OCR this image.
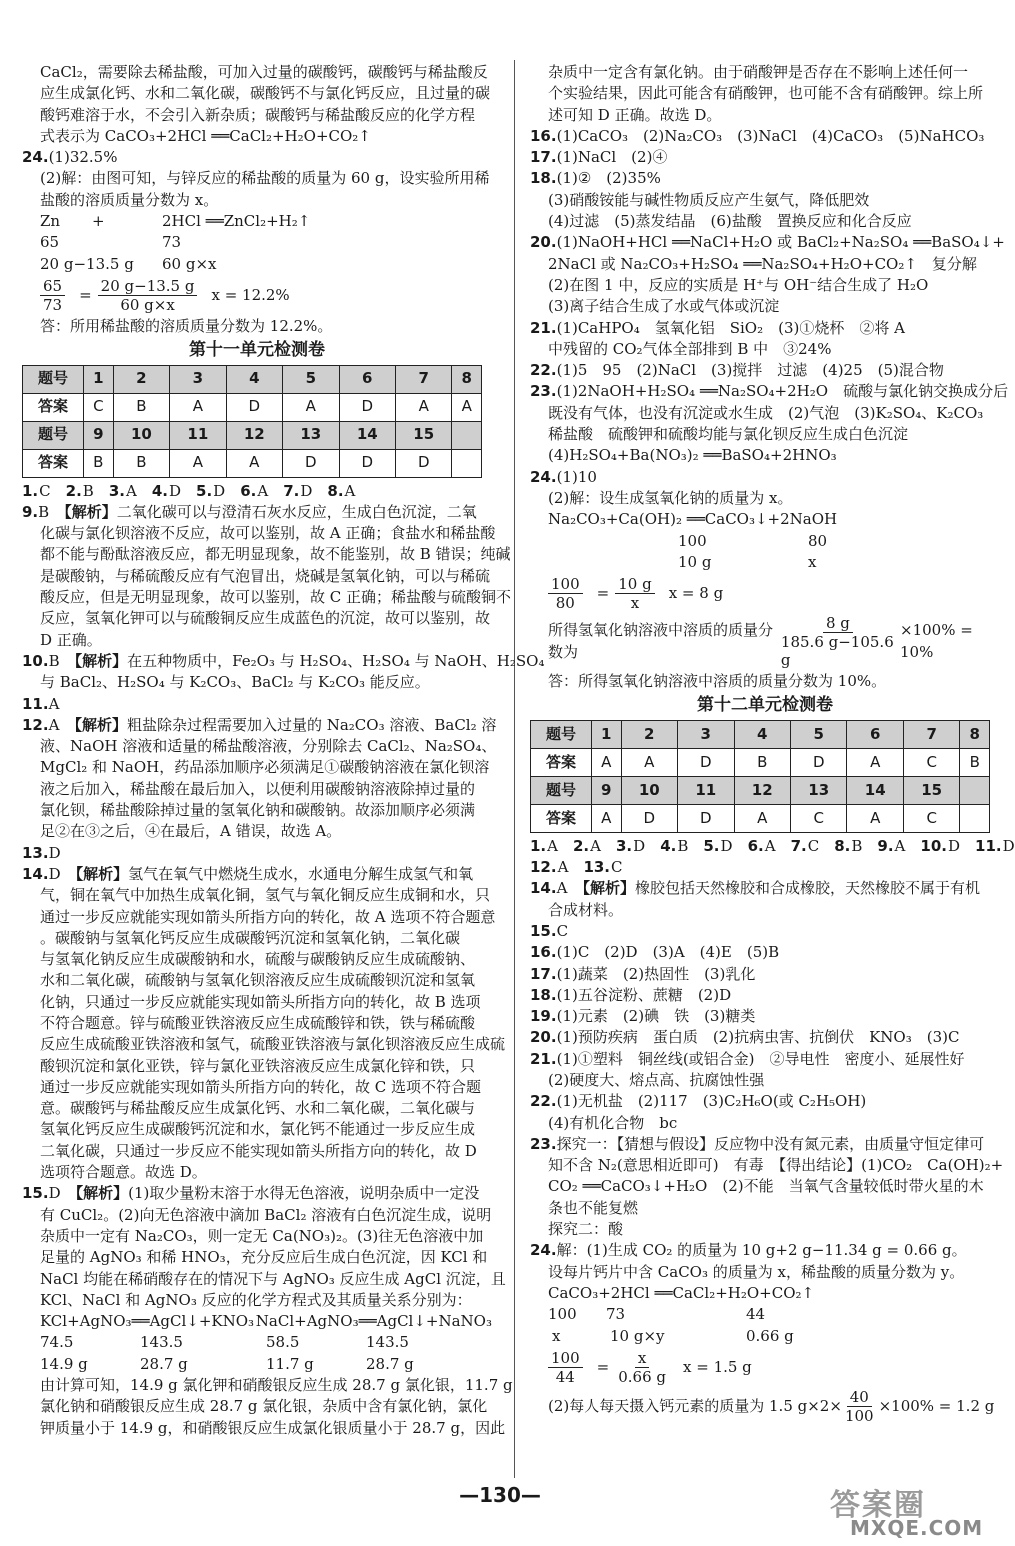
CaCl₂，需要除去稀盐酸，可加入过量的碳酸钙，碳酸钙与稀盐酸反

应生成氯化钙、水和二氧化碳，碳酸钙不与氯化钙反应，且过量的碳

酸钙难溶于水，不会引入新杂质；碳酸钙与稀盐酸反应的化学方程

式表示为 CaCO₃+2HCl ══CaCl₂+H₂O+CO₂↑

24.(1)32.5%

(2)解：由图可知，与锌反应的稀盐酸的质量为 60 g，设实验所用稀

盐酸的溶质质量分数为 x。

Zn	+	2HCl ══ZnCl₂+H₂↑
65	73
20 g−13.5 g	60 g×x
$\frac{65}{73} = \frac{20 g-13.5 g}{60 g\times x}$ x = 12.2%

答：所用稀盐酸的溶质质量分数为 12.2%。

第十一单元检测卷
题号	1	2	3	4	5	6	7	8
答案	C	B	A	D	A	D	A	A
题号	9	10	11	12	13	14	15	
答案	B	B	A	A	D	D	D	

1.C　 2.B　 3.A　 4.D　 5.D　 6.A　 7.D　 8.A

9.B　 【解析】二氧化碳可以与澄清石灰水反应，生成白色沉淀，二氧

化碳与氯化钡溶液不反应，故可以鉴别，故 A 正确；食盐水和稀盐酸

都不能与酚酞溶液反应，都无明显现象，故不能鉴别，故 B 错误；纯碱

是碳酸钠，与稀硫酸反应有气泡冒出，烧碱是氢氧化钠，可以与稀硫

酸反应，但是无明显现象，故可以鉴别，故 C 正确；稀盐酸与硫酸铜不

反应，氢氧化钾可以与硫酸铜反应生成蓝色的沉淀，故可以鉴别，故

D 正确。

10.B　 【解析】在五种物质中，Fe₂O₃ 与 H₂SO₄、H₂SO₄ 与 NaOH、H₂SO₄

与 BaCl₂、H₂SO₄ 与 K₂CO₃、BaCl₂ 与 K₂CO₃ 能反应。

11.A

12.A　 【解析】粗盐除杂过程需要加入过量的 Na₂CO₃ 溶液、BaCl₂ 溶

液、NaOH 溶液和适量的稀盐酸溶液，分别除去 CaCl₂、Na₂SO₄、

MgCl₂ 和 NaOH，药品添加顺序必须满足①碳酸钠溶液在氯化钡溶

液之后加入，稀盐酸在最后加入，以便利用碳酸钠溶液除掉过量的

氯化钡，稀盐酸除掉过量的氢氧化钠和碳酸钠。故添加顺序必须满

足②在③之后，④在最后，A 错误，故选 A。

13.D

14.D　 【解析】氢气在氧气中燃烧生成水，水通电分解生成氢气和氧

气，铜在氧气中加热生成氧化铜，氢气与氧化铜反应生成铜和水，只

通过一步反应就能实现如箭头所指方向的转化，故 A 选项不符合题意

。碳酸钠与氢氧化钙反应生成碳酸钙沉淀和氢氧化钠，二氧化碳

与氢氧化钠反应生成碳酸钠和水，硫酸与碳酸钠反应生成硫酸钠、

水和二氧化碳，硫酸钠与氢氧化钡溶液反应生成硫酸钡沉淀和氢氧

化钠，只通过一步反应就能实现如箭头所指方向的转化，故 B 选项

不符合题意。锌与硫酸亚铁溶液反应生成硫酸锌和铁，铁与稀硫酸

反应生成硫酸亚铁溶液和氢气，硫酸亚铁溶液与氯化钡溶液反应生成硫

酸钡沉淀和氯化亚铁，锌与氯化亚铁溶液反应生成氯化锌和铁，只

通过一步反应就能实现如箭头所指方向的转化，故 C 选项不符合题

意。碳酸钙与稀盐酸反应生成氯化钙、水和二氧化碳，二氧化碳与

氢氧化钙反应生成碳酸钙沉淀和水，氯化钙不能通过一步反应生成

二氧化碳，只通过一步反应不能实现如箭头所指方向的转化，故 D

选项符合题意。故选 D。

15.D　 【解析】(1)取少量粉末溶于水得无色溶液，说明杂质中一定没

有 CuCl₂。(2)向无色溶液中滴加 BaCl₂ 溶液有白色沉淀生成，说明

杂质中一定有 Na₂CO₃，则一定无 Ca(NO₃)₂。(3)往无色溶液中加

足量的 AgNO₃ 和稀 HNO₃，充分反应后生成白色沉淀，因 KCl 和

NaCl 均能在稀硝酸存在的情况下与 AgNO₃ 反应生成 AgCl 沉淀，且

KCl、NaCl 和 AgNO₃ 反应的化学方程式及其质量关系分别为：

KCl+AgNO₃══AgCl↓+KNO₃ NaCl+AgNO₃══AgCl↓+NaNO₃
74.5	143.5	58.5	143.5
14.9 g	28.7 g	11.7 g	28.7 g

由计算可知，14.9 g 氯化钾和硝酸银反应生成 28.7 g 氯化银，11.7 g

氯化钠和硝酸银反应生成 28.7 g 氯化银，杂质中含有氯化钠，氯化

钾质量小于 14.9 g，和硝酸银反应生成氯化银质量小于 28.7 g，因此

杂质中一定含有氯化钠。由于硝酸钾是否存在不影响上述任何一

个实验结果，因此可能含有硝酸钾，也可能不含有硝酸钾。综上所

述可知 D 正确。故选 D。

16.(1)CaCO₃　(2)Na₂CO₃　(3)NaCl　(4)CaCO₃　(5)NaHCO₃

17.(1)NaCl　(2)④

18.(1)②　(2)35%

(3)硝酸铵能与碱性物质反应产生氨气，降低肥效

(4)过滤　(5)蒸发结晶　(6)盐酸　置换反应和化合反应

20.(1)NaOH+HCl ══NaCl+H₂O 或 BaCl₂+Na₂SO₄ ══BaSO₄↓+

2NaCl 或 Na₂CO₃+H₂SO₄ ══Na₂SO₄+H₂O+CO₂↑　复分解

(2)在图 1 中，反应的实质是 H⁺与 OH⁻结合生成了 H₂O

(3)离子结合生成了水或气体或沉淀

21.(1)CaHPO₄　氢氧化铝　SiO₂　(3)①烧杯　②将 A

中残留的 CO₂气体全部排到 B 中　③24%

22.(1)5　95　(2)NaCl　(3)搅拌　过滤　(4)25　(5)混合物

23.(1)2NaOH+H₂SO₄ ══Na₂SO₄+2H₂O　硫酸与氯化钠交换成分后

既没有气体，也没有沉淀或水生成　(2)气泡　(3)K₂SO₄、K₂CO₃

稀盐酸　硫酸钾和硫酸均能与氯化钡反应生成白色沉淀

(4)H₂SO₄+Ba(NO₃)₂ ══BaSO₄+2HNO₃

24.(1)10

(2)解：设生成氢氧化钠的质量为 x。

Na₂CO₃+Ca(OH)₂ ══CaCO₃↓+2NaOH

100	80
10 g	x
$\frac{100}{80} = \frac{10 g}{x}$ x = 8 g
所得氢氧化钠溶液中溶质的质量分数为	$\frac{8 g}{185.6 g-105.6 g} \times 100\% = 10\%$

答：所得氢氧化钠溶液中溶质的质量分数为 10%。

第十二单元检测卷
题号	1	2	3	4	5	6	7	8
答案	A	A	D	B	D	A	C	B
题号	9	10	11	12	13	14	15	
答案	A	D	D	A	C	A	C	

1.A　 2.A　 3.D　 4.B　 5.D　 6.A　 7.C　 8.B　 9.A　 10.D　 11.D

12.A　 13.C

14.A　 【解析】橡胶包括天然橡胶和合成橡胶，天然橡胶不属于有机

合成材料。

15.C

16.(1)C　(2)D　(3)A　(4)E　(5)B

17.(1)蔬菜　(2)热固性　(3)乳化

18.(1)五谷淀粉、蔗糖　(2)D

19.(1)元素　(2)碘　铁　(3)糖类

20.(1)预防疾病　蛋白质　(2)抗病虫害、抗倒伏　KNO₃　(3)C

21.(1)①塑料　铜丝线(或铝合金)　②导电性　密度小、延展性好

(2)硬度大、熔点高、抗腐蚀性强

22.(1)无机盐　(2)117　(3)C₂H₆O(或 C₂H₅OH)

(4)有机化合物　bc

23.探究一：【猜想与假设】反应物中没有氮元素，由质量守恒定律可

知不含 N₂(意思相近即可)　有毒　【得出结论】(1)CO₂　Ca(OH)₂+

CO₂ ══CaCO₃↓+H₂O　(2)不能　当氧气含量较低时带火星的木

条也不能复燃

探究二：酸

24.解：(1)生成 CO₂ 的质量为 10 g+2 g−11.34 g = 0.66 g。

设每片钙片中含 CaCO₃ 的质量为 x，稀盐酸的质量分数为 y。

CaCO₃+2HCl ══CaCl₂+H₂O+CO₂↑

100	73	44
x	10 g×y	0.66 g
$\frac{100}{44} = \frac{x}{0.66 g}$ x = 1.5 g
(2)每人每天摄入钙元素的质量为 1.5 $g\times 2\times \frac{40}{100} \times 100\% = 1.2$ g
—130—	答案圈
MXQE.COM
